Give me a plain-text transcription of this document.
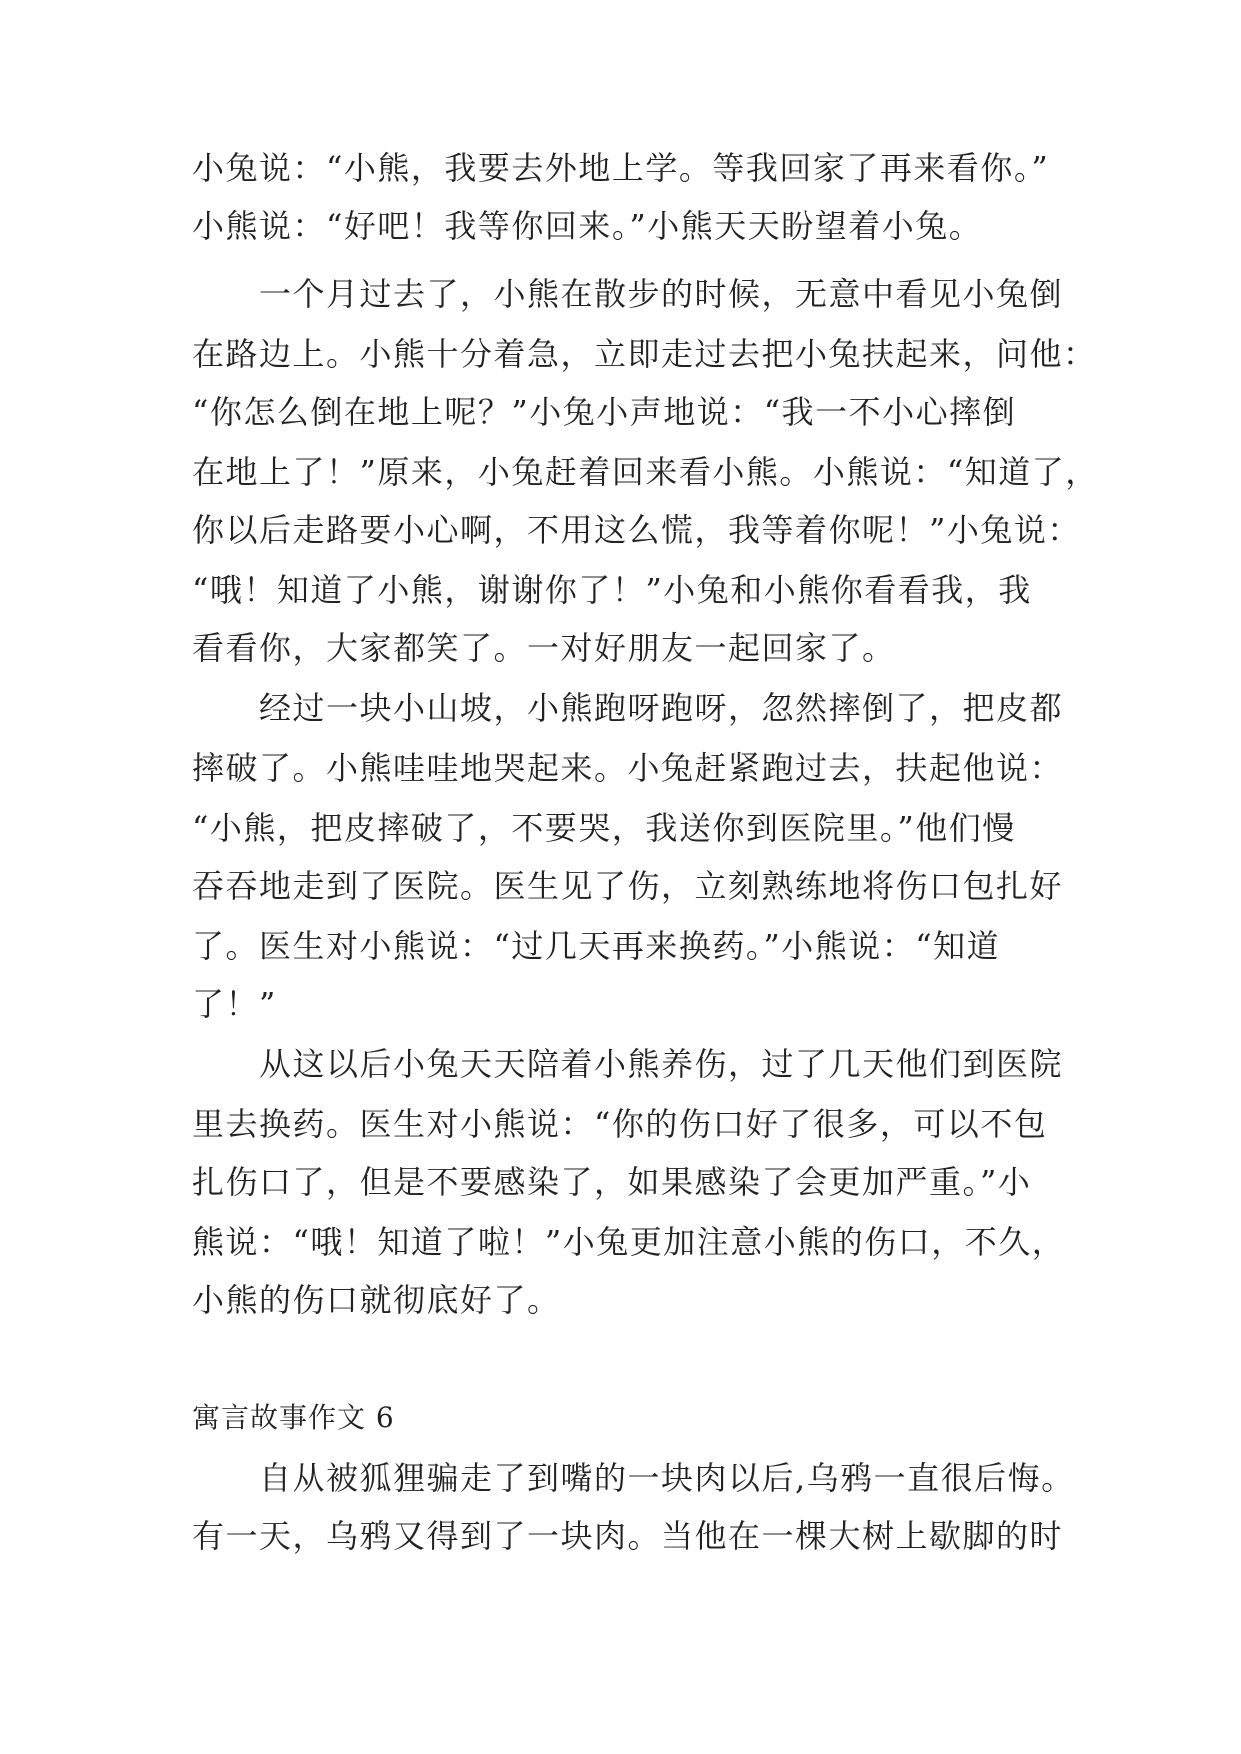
小兔说：“小熊，我要去外地上学。等我回家了再来看你。”
小熊说：“好吧！我等你回来。”小熊天天盼望着小兔。
　　一个月过去了，小熊在散步的时候，无意中看见小兔倒
在路边上。小熊十分着急，立即走过去把小兔扶起来，问他：
“你怎么倒在地上呢？”小兔小声地说：“我一不小心摔倒
在地上了！”原来，小兔赶着回来看小熊。小熊说：“知道了，
你以后走路要小心啊，不用这么慌，我等着你呢！”小兔说：
“哦！知道了小熊，谢谢你了！”小兔和小熊你看看我，我
看看你，大家都笑了。一对好朋友一起回家了。
　　经过一块小山坡，小熊跑呀跑呀，忽然摔倒了，把皮都
摔破了。小熊哇哇地哭起来。小兔赶紧跑过去，扶起他说：
“小熊，把皮摔破了，不要哭，我送你到医院里。”他们慢
吞吞地走到了医院。医生见了伤，立刻熟练地将伤口包扎好
了。医生对小熊说：“过几天再来换药。”小熊说：“知道
了！”
　　从这以后小兔天天陪着小熊养伤，过了几天他们到医院
里去换药。医生对小熊说：“你的伤口好了很多，可以不包
扎伤口了，但是不要感染了，如果感染了会更加严重。”小
熊说：“哦！知道了啦！”小兔更加注意小熊的伤口，不久，
小熊的伤口就彻底好了。
寓言故事作文 6
　　自从被狐狸骗走了到嘴的一块肉以后,乌鸦一直很后悔。
有一天，乌鸦又得到了一块肉。当他在一棵大树上歇脚的时
